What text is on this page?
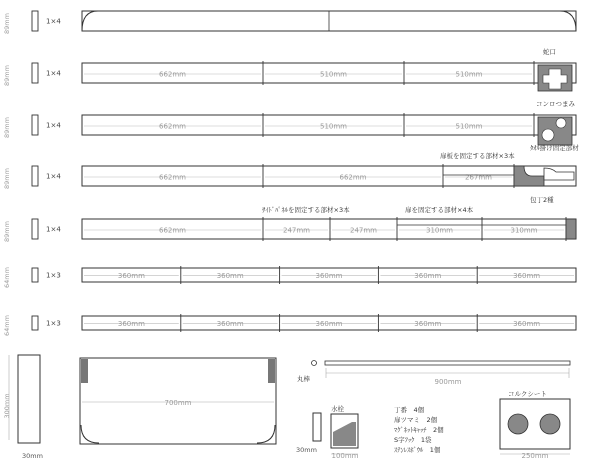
89mm	1×4
89mm	1×4	662mm	510mm	510mm
蛇口
89mm	1×4	662mm	510mm	510mm
コンロつまみ
ﾀｵﾙ掛け固定部材
89mm	1×4	662mm	662mm	267mm
扉板を固定する部材×3本
包丁2種
89mm	1×4	662mm	247mm	247mm	310mm	310mm
ｻｲﾄﾞﾊﾟﾈﾙを固定する部材×3本	扉を固定する部材×4本
64mm	1×3	360mm	360mm	360mm	360mm	360mm
64mm	1×3	360mm	360mm	360mm	360mm	360mm
300mm
30mm
700mm
丸棒	900mm
水栓
30mm
100mm
丁番　4個
扉ツマミ　2個
ﾏｸﾞﾈｯﾄｷｬｯﾁ　2個
S字ﾌｯｸ　1袋
ｽﾃﾝﾚｽﾎﾞｳﾙ　1個
コルクシート
250mm
